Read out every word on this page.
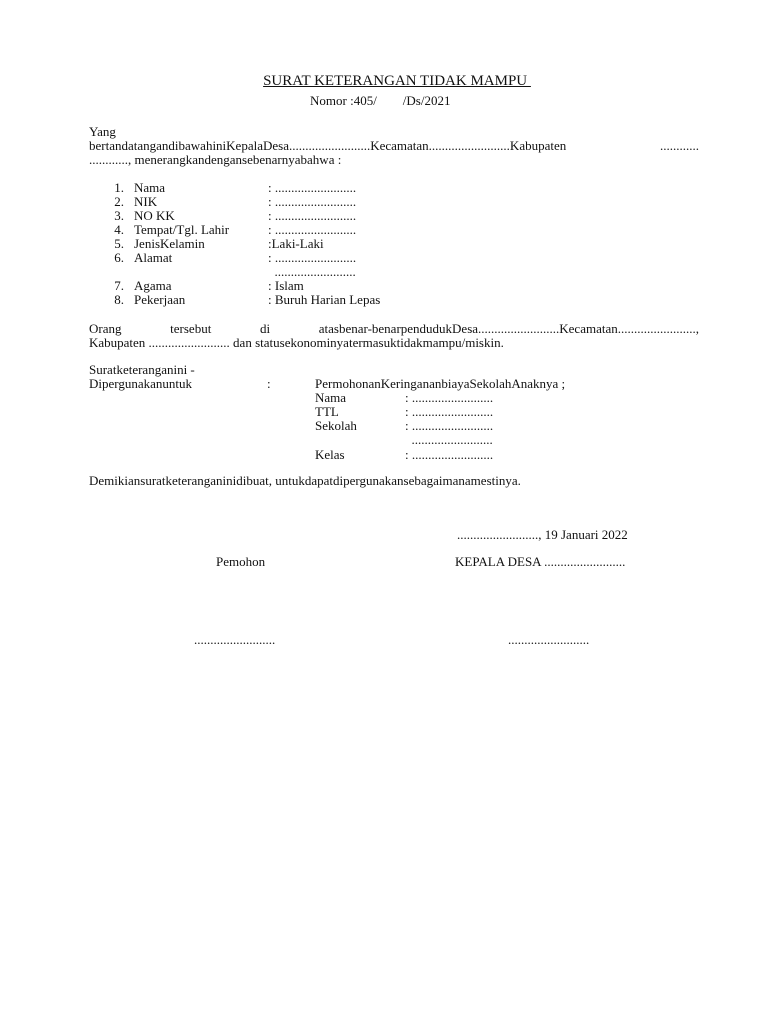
SURAT KETERANGAN TIDAK MAMPU
Nomor :405/        /Ds/2021
Yang
bertandatangandibawahiniKepalaDesa.........................Kecamatan.........................Kabupaten	............
............, menerangkandengansebenarnyabahwa :
1. Nama	: .........................
2. NIK	: .........................
3. NO KK	: .........................
4. Tempat/Tgl. Lahir	: .........................
5. JenisKelamin	:Laki-Laki
6. Alamat	: .........................
.........................
7. Agama	: Islam
8. Pekerjaan	: Buruh Harian Lepas
Orang	tersebut	di	atasbenar-benarpendudukDesa.........................Kecamatan........................,
Kabupaten ......................... dan statusekonominyatermasuktidakmampu/miskin.
Suratketeranganini -
Dipergunakanuntuk	:	PermohonanKeringananbiayaSekolahAnaknya ;
Nama	: .........................
TTL	: .........................
Sekolah	: .........................
.........................
Kelas	: .........................
Demikiansuratketeranganinidibuat, untukdapatdipergunakansebagaimanamestinya.
........................., 19 Januari 2022
Pemohon	KEPALA DESA .........................
.........................	.........................
